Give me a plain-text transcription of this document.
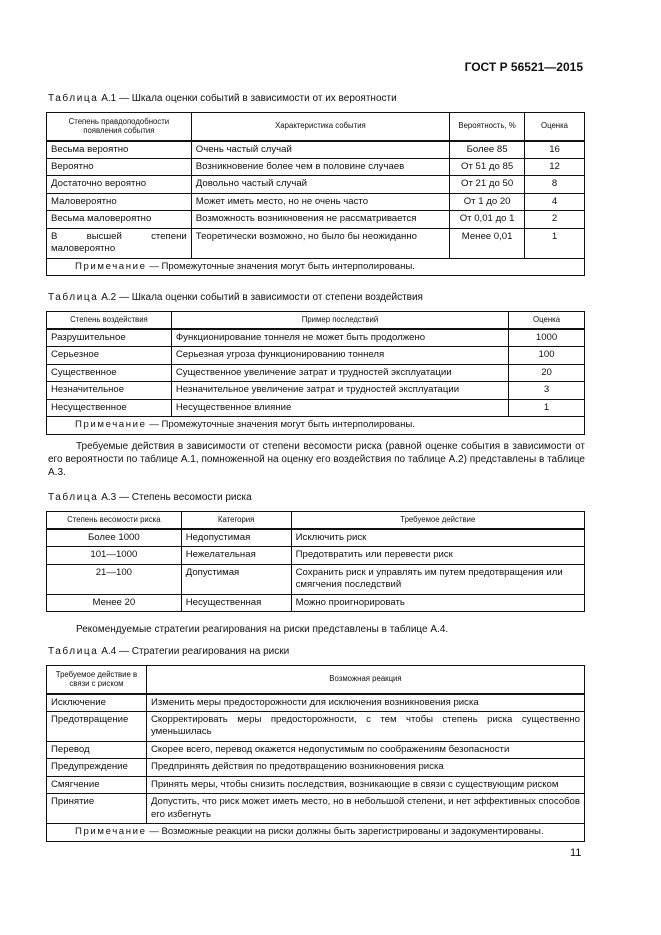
ГОСТ Р 56521—2015
Таблица А.1 — Шкала оценки событий в зависимости от их вероятности
Степень правдоподобности появления события	Характеристика события	Вероятность, %	Оценка
Весьма вероятно	Очень частый случай	Более 85	16
Вероятно	Возникновение более чем в половине случаев	От 51 до 85	12
Достаточно вероятно	Довольно частый случай	От 21 до 50	8
Маловероятно	Может иметь место, но не очень часто	От 1 до 20	4
Весьма маловероятно	Возможность возникновения не рассматривается	От 0,01 до 1	2
В высшей степени маловероятно	Теоретически возможно, но было бы неожиданно	Менее 0,01	1
Примечание — Промежуточные значения могут быть интерполированы.			
Таблица А.2 — Шкала оценки событий в зависимости от степени воздействия
Степень воздействия	Пример последствий	Оценка
Разрушительное	Функционирование тоннеля не может быть продолжено	1000
Серьезное	Серьезная угроза функционированию тоннеля	100
Существенное	Существенное увеличение затрат и трудностей эксплуатации	20
Незначительное	Незначительное увеличение затрат и трудностей эксплуатации	3
Несущественное	Несущественное влияние	1
Примечание — Промежуточные значения могут быть интерполированы.		

Требуемые действия в зависимости от степени весомости риска (равной оценке события в зависимости от его вероятности по таблице А.1, помноженной на оценку его воздействия по таблице А.2) представлены в таблице А.3.

Таблица А.3 — Степень весомости риска
Степень весомости риска	Категория	Требуемое действие
Более 1000	Недопустимая	Исключить риск
101—1000	Нежелательная	Предотвратить или перевести риск
21—100	Допустимая	Сохранить риск и управлять им путем предотвращения или смягчения последствий
Менее 20	Несущественная	Можно проигнорировать

Рекомендуемые стратегии реагирования на риски представлены в таблице А.4.

Таблица А.4 — Стратегии реагирования на риски
Требуемое действие в связи с риском	Возможная реакция
Исключение	Изменить меры предосторожности для исключения возникновения риска
Предотвращение	Скорректировать меры предосторожности, с тем чтобы степень риска существенно уменьшилась
Перевод	Скорее всего, перевод окажется недопустимым по соображениям безопасности
Предупреждение	Предпринять действия по предотвращению возникновения риска
Смягчение	Принять меры, чтобы снизить последствия, возникающие в связи с существующим риском
Принятие	Допустить, что риск может иметь место, но в небольшой степени, и нет эффективных способов его избегнуть
Примечание — Возможные реакции на риски должны быть зарегистрированы и задокументированы.	
11
